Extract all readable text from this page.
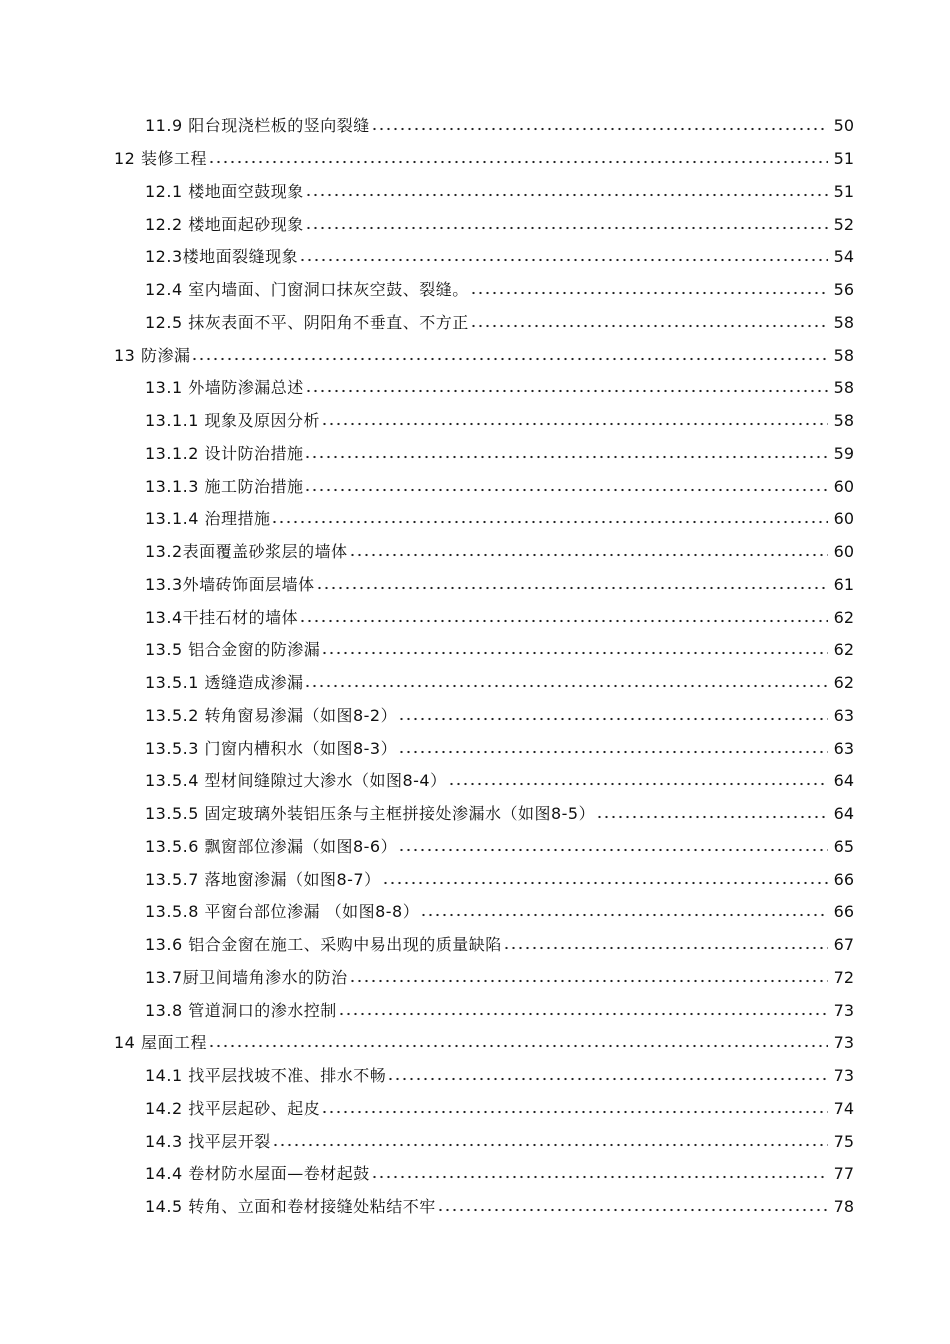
11.9 阳台现浇栏板的竖向裂缝	50
12 装修工程	51
12.1 楼地面空鼓现象	51
12.2 楼地面起砂现象	52
12.3楼地面裂缝现象	54
12.4 室内墙面、门窗洞口抹灰空鼓、裂缝。	56
12.5 抹灰表面不平、阴阳角不垂直、不方正	58
13 防渗漏	58
13.1 外墙防渗漏总述	58
13.1.1 现象及原因分析	58
13.1.2 设计防治措施	59
13.1.3 施工防治措施	60
13.1.4 治理措施	60
13.2表面覆盖砂浆层的墙体	60
13.3外墙砖饰面层墙体	61
13.4干挂石材的墙体	62
13.5 铝合金窗的防渗漏	62
13.5.1 透缝造成渗漏	62
13.5.2 转角窗易渗漏（如图8-2）	63
13.5.3 门窗内槽积水（如图8-3）	63
13.5.4 型材间缝隙过大渗水（如图8-4）	64
13.5.5 固定玻璃外装铝压条与主框拼接处渗漏水（如图8-5）	64
13.5.6 飘窗部位渗漏（如图8-6）	65
13.5.7 落地窗渗漏（如图8-7）	66
13.5.8 平窗台部位渗漏 （如图8-8）	66
13.6 铝合金窗在施工、采购中易出现的质量缺陷	67
13.7厨卫间墙角渗水的防治	72
13.8 管道洞口的渗水控制	73
14 屋面工程	73
14.1 找平层找坡不准、排水不畅	73
14.2 找平层起砂、起皮	74
14.3 找平层开裂	75
14.4 卷材防水屋面—卷材起鼓	77
14.5 转角、立面和卷材接缝处粘结不牢	78
